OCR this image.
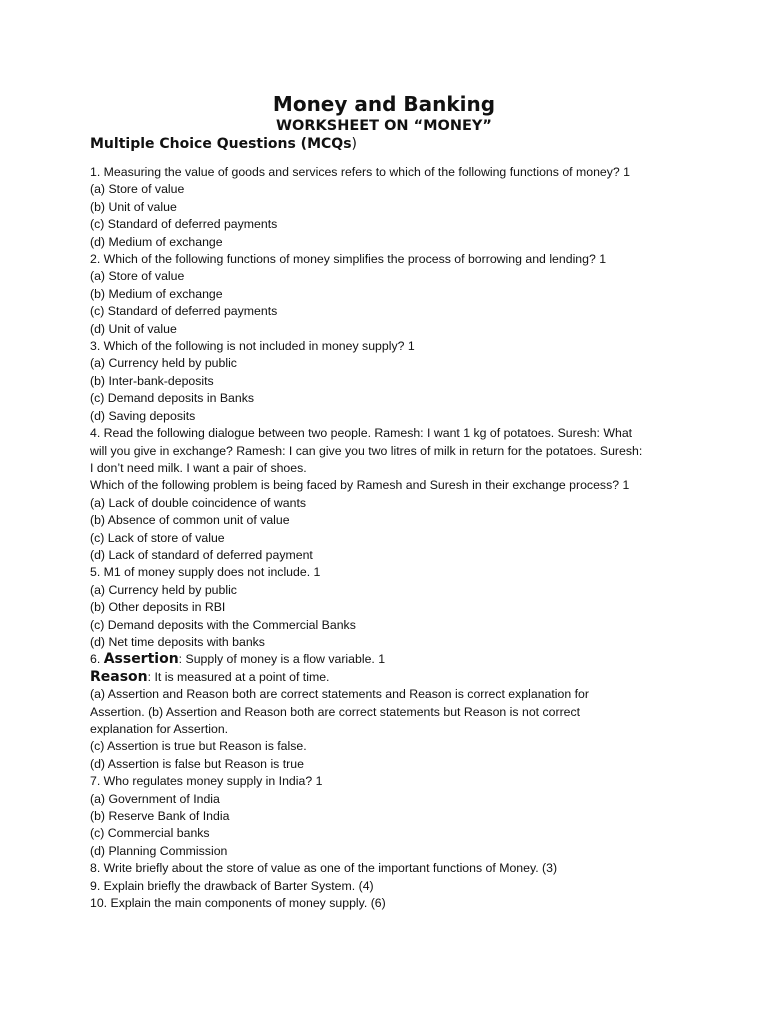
Money and Banking
WORKSHEET ON “MONEY”
Multiple Choice Questions (MCQs)
1. Measuring the value of goods and services refers to which of the following functions of money? 1
(a) Store of value
(b) Unit of value
(c) Standard of deferred payments
(d) Medium of exchange
2. Which of the following functions of money simplifies the process of borrowing and lending? 1
(a) Store of value
(b) Medium of exchange
(c) Standard of deferred payments
(d) Unit of value
3. Which of the following is not included in money supply? 1
(a) Currency held by public
(b) Inter-bank-deposits
(c) Demand deposits in Banks
(d) Saving deposits
4. Read the following dialogue between two people. Ramesh: I want 1 kg of potatoes. Suresh: What
will you give in exchange? Ramesh: I can give you two litres of milk in return for the potatoes. Suresh:
I don’t need milk. I want a pair of shoes.
Which of the following problem is being faced by Ramesh and Suresh in their exchange process? 1
(a) Lack of double coincidence of wants
(b) Absence of common unit of value
(c) Lack of store of value
(d) Lack of standard of deferred payment
5. M1 of money supply does not include. 1
(a) Currency held by public
(b) Other deposits in RBI
(c) Demand deposits with the Commercial Banks
(d) Net time deposits with banks
6. Assertion: Supply of money is a flow variable. 1
Reason: It is measured at a point of time.
(a) Assertion and Reason both are correct statements and Reason is correct explanation for
Assertion. (b) Assertion and Reason both are correct statements but Reason is not correct
explanation for Assertion.
(c) Assertion is true but Reason is false.
(d) Assertion is false but Reason is true
7. Who regulates money supply in India? 1
(a) Government of India
(b) Reserve Bank of India
(c) Commercial banks
(d) Planning Commission
8. Write briefly about the store of value as one of the important functions of Money. (3)
9. Explain briefly the drawback of Barter System. (4)
10. Explain the main components of money supply. (6)
